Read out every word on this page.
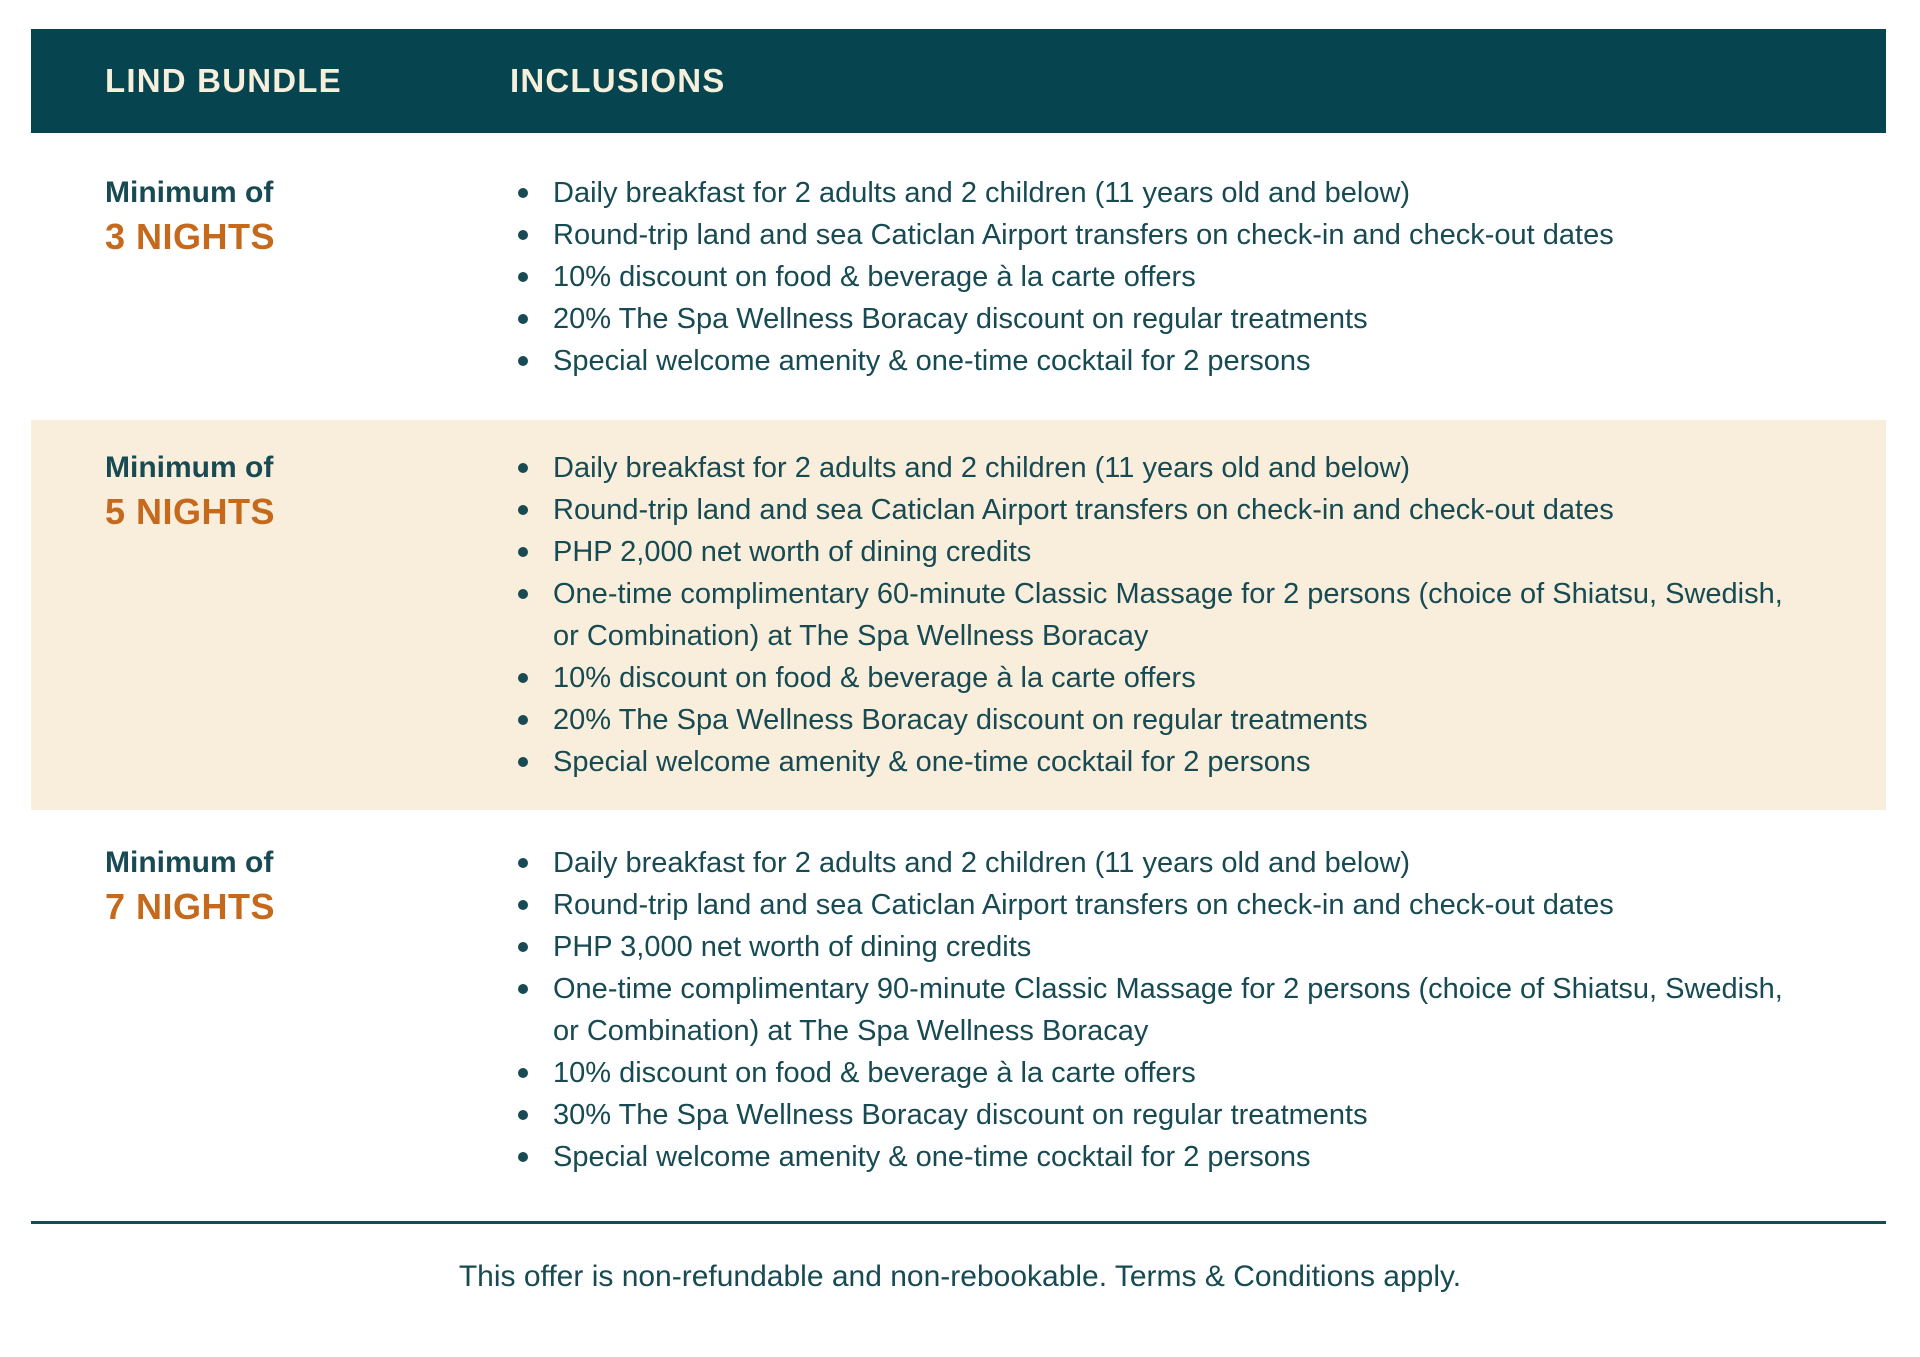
LIND BUNDLE	INCLUSIONS
Minimum of
3 NIGHTS
Daily breakfast for 2 adults and 2 children (11 years old and below)
Round-trip land and sea Caticlan Airport transfers on check-in and check-out dates
10% discount on food & beverage à la carte offers
20% The Spa Wellness Boracay discount on regular treatments
Special welcome amenity & one-time cocktail for 2 persons
Minimum of
5 NIGHTS
Daily breakfast for 2 adults and 2 children (11 years old and below)
Round-trip land and sea Caticlan Airport transfers on check-in and check-out dates
PHP 2,000 net worth of dining credits
One-time complimentary 60-minute Classic Massage for 2 persons (choice of Shiatsu, Swedish, or Combination) at The Spa Wellness Boracay
10% discount on food & beverage à la carte offers
20% The Spa Wellness Boracay discount on regular treatments
Special welcome amenity & one-time cocktail for 2 persons
Minimum of
7 NIGHTS
Daily breakfast for 2 adults and 2 children (11 years old and below)
Round-trip land and sea Caticlan Airport transfers on check-in and check-out dates
PHP 3,000 net worth of dining credits
One-time complimentary 90-minute Classic Massage for 2 persons (choice of Shiatsu, Swedish, or Combination) at The Spa Wellness Boracay
10% discount on food & beverage à la carte offers
30% The Spa Wellness Boracay discount on regular treatments
Special welcome amenity & one-time cocktail for 2 persons
This offer is non-refundable and non-rebookable. Terms & Conditions apply.
